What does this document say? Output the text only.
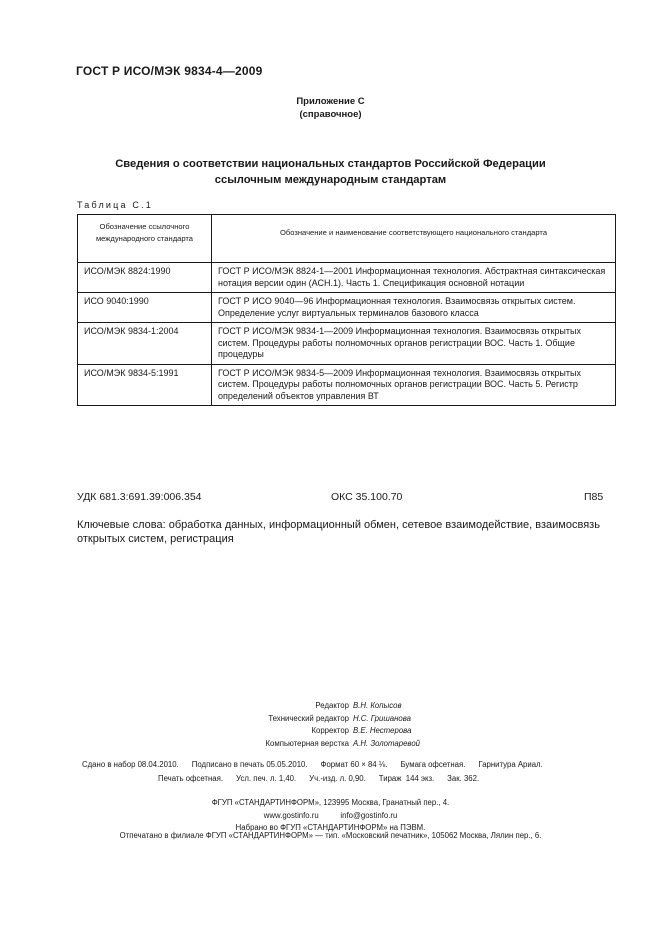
ГОСТ Р ИСО/МЭК 9834-4—2009
Приложение С
(справочное)
Сведения о соответствии национальных стандартов Российской Федерации
ссылочным международным стандартам
Таблица С.1
Обозначение ссылочного международного стандарта	Обозначение и наименование соответствующего национального стандарта
ИСО/МЭК 8824:1990	ГОСТ Р ИСО/МЭК 8824-1—2001 Информационная технология. Абстрактная синтаксическая нотация версии один (АСН.1). Часть 1. Спецификация основной нотации
ИСО 9040:1990	ГОСТ Р ИСО 9040—96 Информационная технология. Взаимосвязь открытых систем. Определение услуг виртуальных терминалов базового класса
ИСО/МЭК 9834-1:2004	ГОСТ Р ИСО/МЭК 9834-1—2009 Информационная технология. Взаимосвязь открытых систем. Процедуры работы полномочных органов регистрации ВОС. Часть 1. Общие процедуры
ИСО/МЭК 9834-5:1991	ГОСТ Р ИСО/МЭК 9834-5—2009 Информационная технология. Взаимосвязь открытых систем. Процедуры работы полномочных органов регистрации ВОС. Часть 5. Регистр определений объектов управления ВТ
УДК 681.3:691.39:006.354	ОКС 35.100.70	П85
Ключевые слова: обработка данных, информационный обмен, сетевое взаимодействие, взаимосвязь открытых систем, регистрация
Редактор В.Н. Копысов
Технический редактор Н.С. Гришанова
Корректор В.Е. Нестерова
Компьютерная верстка А.Н. Золотаревой
Сдано в набор 08.04.2010.      Подписано в печать 05.05.2010.      Формат 60 × 84 ⅛.      Бумага офсетная.      Гарнитура Ариал.
Печать офсетная.      Усл. печ. л. 1,40.      Уч.-изд. л. 0,90.      Тираж  144 экз.      Зак. 362.
ФГУП «СТАНДАРТИНФОРМ», 123995 Москва, Гранатный пер., 4.
www.gostinfo.ru          info@gostinfo.ru
Набрано во ФГУП «СТАНДАРТИНФОРМ» на ПЭВМ.
Отпечатано в филиале ФГУП «СТАНДАРТИНФОРМ» — тип. «Московский печатник», 105062 Москва, Лялин пер., 6.
